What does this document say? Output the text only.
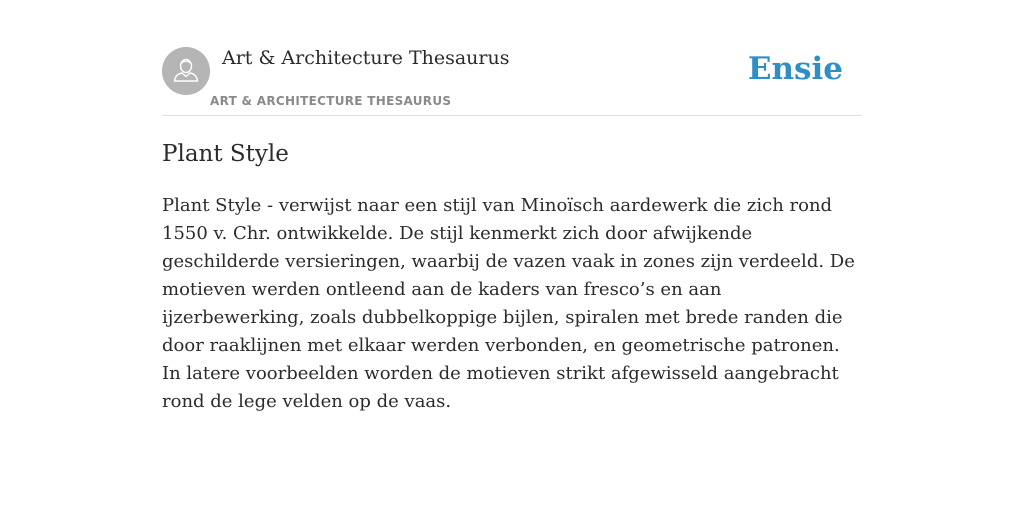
Art & Architecture Thesaurus
ART & ARCHITECTURE THESAURUS
Ensie
Plant Style

Plant Style - verwijst naar een stijl van Minoïsch aardewerk die zich rond 1550 v. Chr. ontwikkelde. De stijl kenmerkt zich door afwijkende geschilderde versieringen, waarbij de vazen vaak in zones zijn verdeeld. De motieven werden ontleend aan de kaders van fresco’s en aan ijzerbewerking, zoals dubbelkoppige bijlen, spiralen met brede randen die door raaklijnen met elkaar werden verbonden, en geometrische patronen. In latere voorbeelden worden de motieven strikt afgewisseld aangebracht rond de lege velden op de vaas.
